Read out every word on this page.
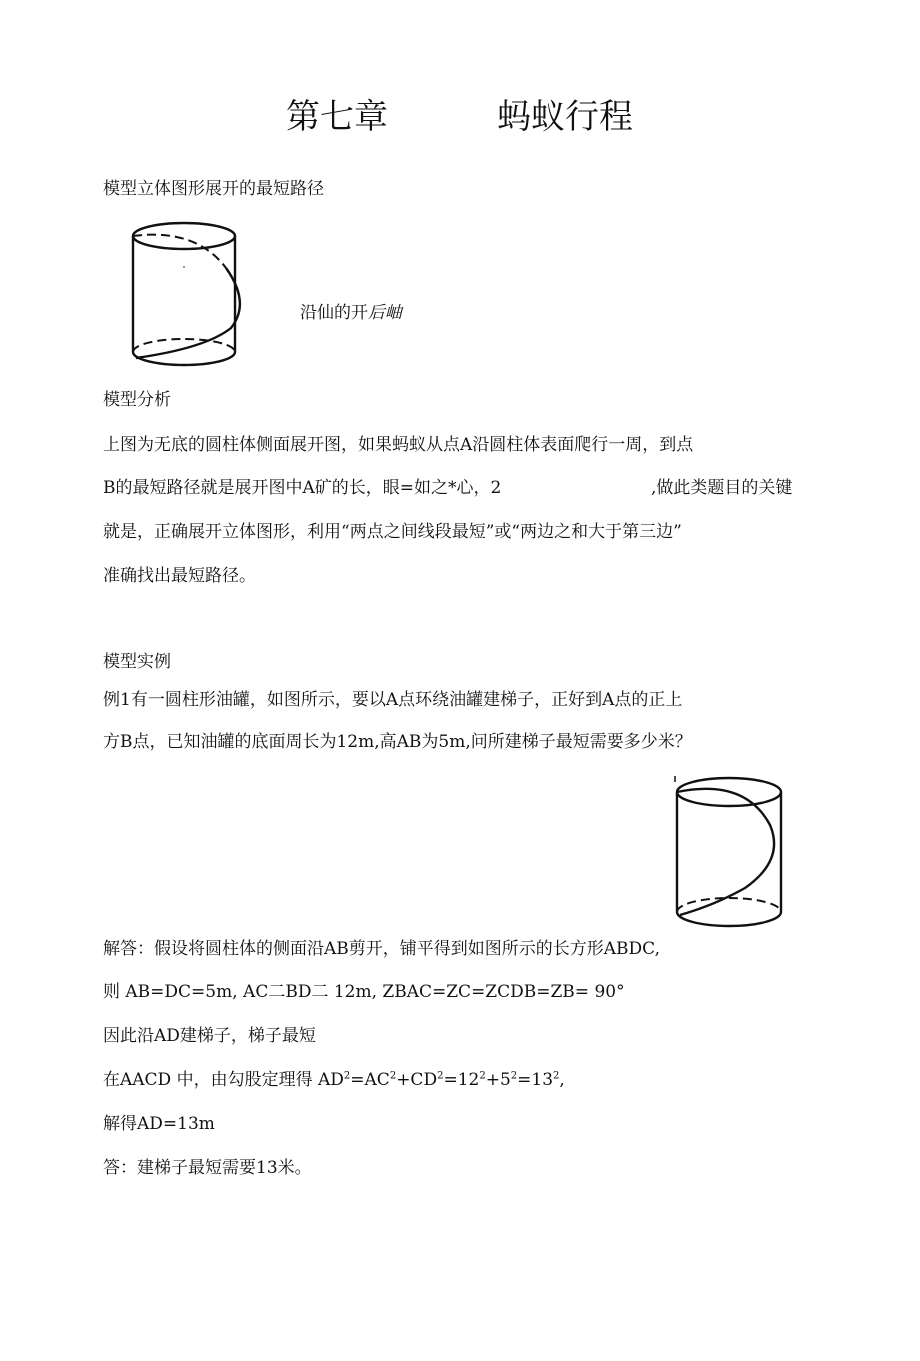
第七章	蚂蚁行程
模型立体图形展开的最短路径
沿仙的开后岫
模型分析
上图为无底的圆柱体侧面展开图，如果蚂蚁从点A沿圆柱体表面爬行一周，到点
B的最短路径就是展开图中A矿的长，眼=如之*心，2	,做此类题目的关键
就是，正确展开立体图形，利用“两点之间线段最短”或“两边之和大于第三边”
准确找出最短路径。
模型实例
例1有一圆柱形油罐，如图所示，要以A点环绕油罐建梯子，正好到A点的正上
方B点，已知油罐的底面周长为12m,高AB为5m,问所建梯子最短需要多少米？
解答：假设将圆柱体的侧面沿AB剪开，铺平得到如图所示的长方形ABDC,
则 AB=DC=5m, AC二BD二 12m, ZBAC=ZC=ZCDB=ZB= 90°
因此沿AD建梯子，梯子最短
在AACD 中，由勾股定理得 $AD^2=AC^2+CD^2=12^2+5^2=13^2$,
解得AD=13m
答：建梯子最短需要13米。
